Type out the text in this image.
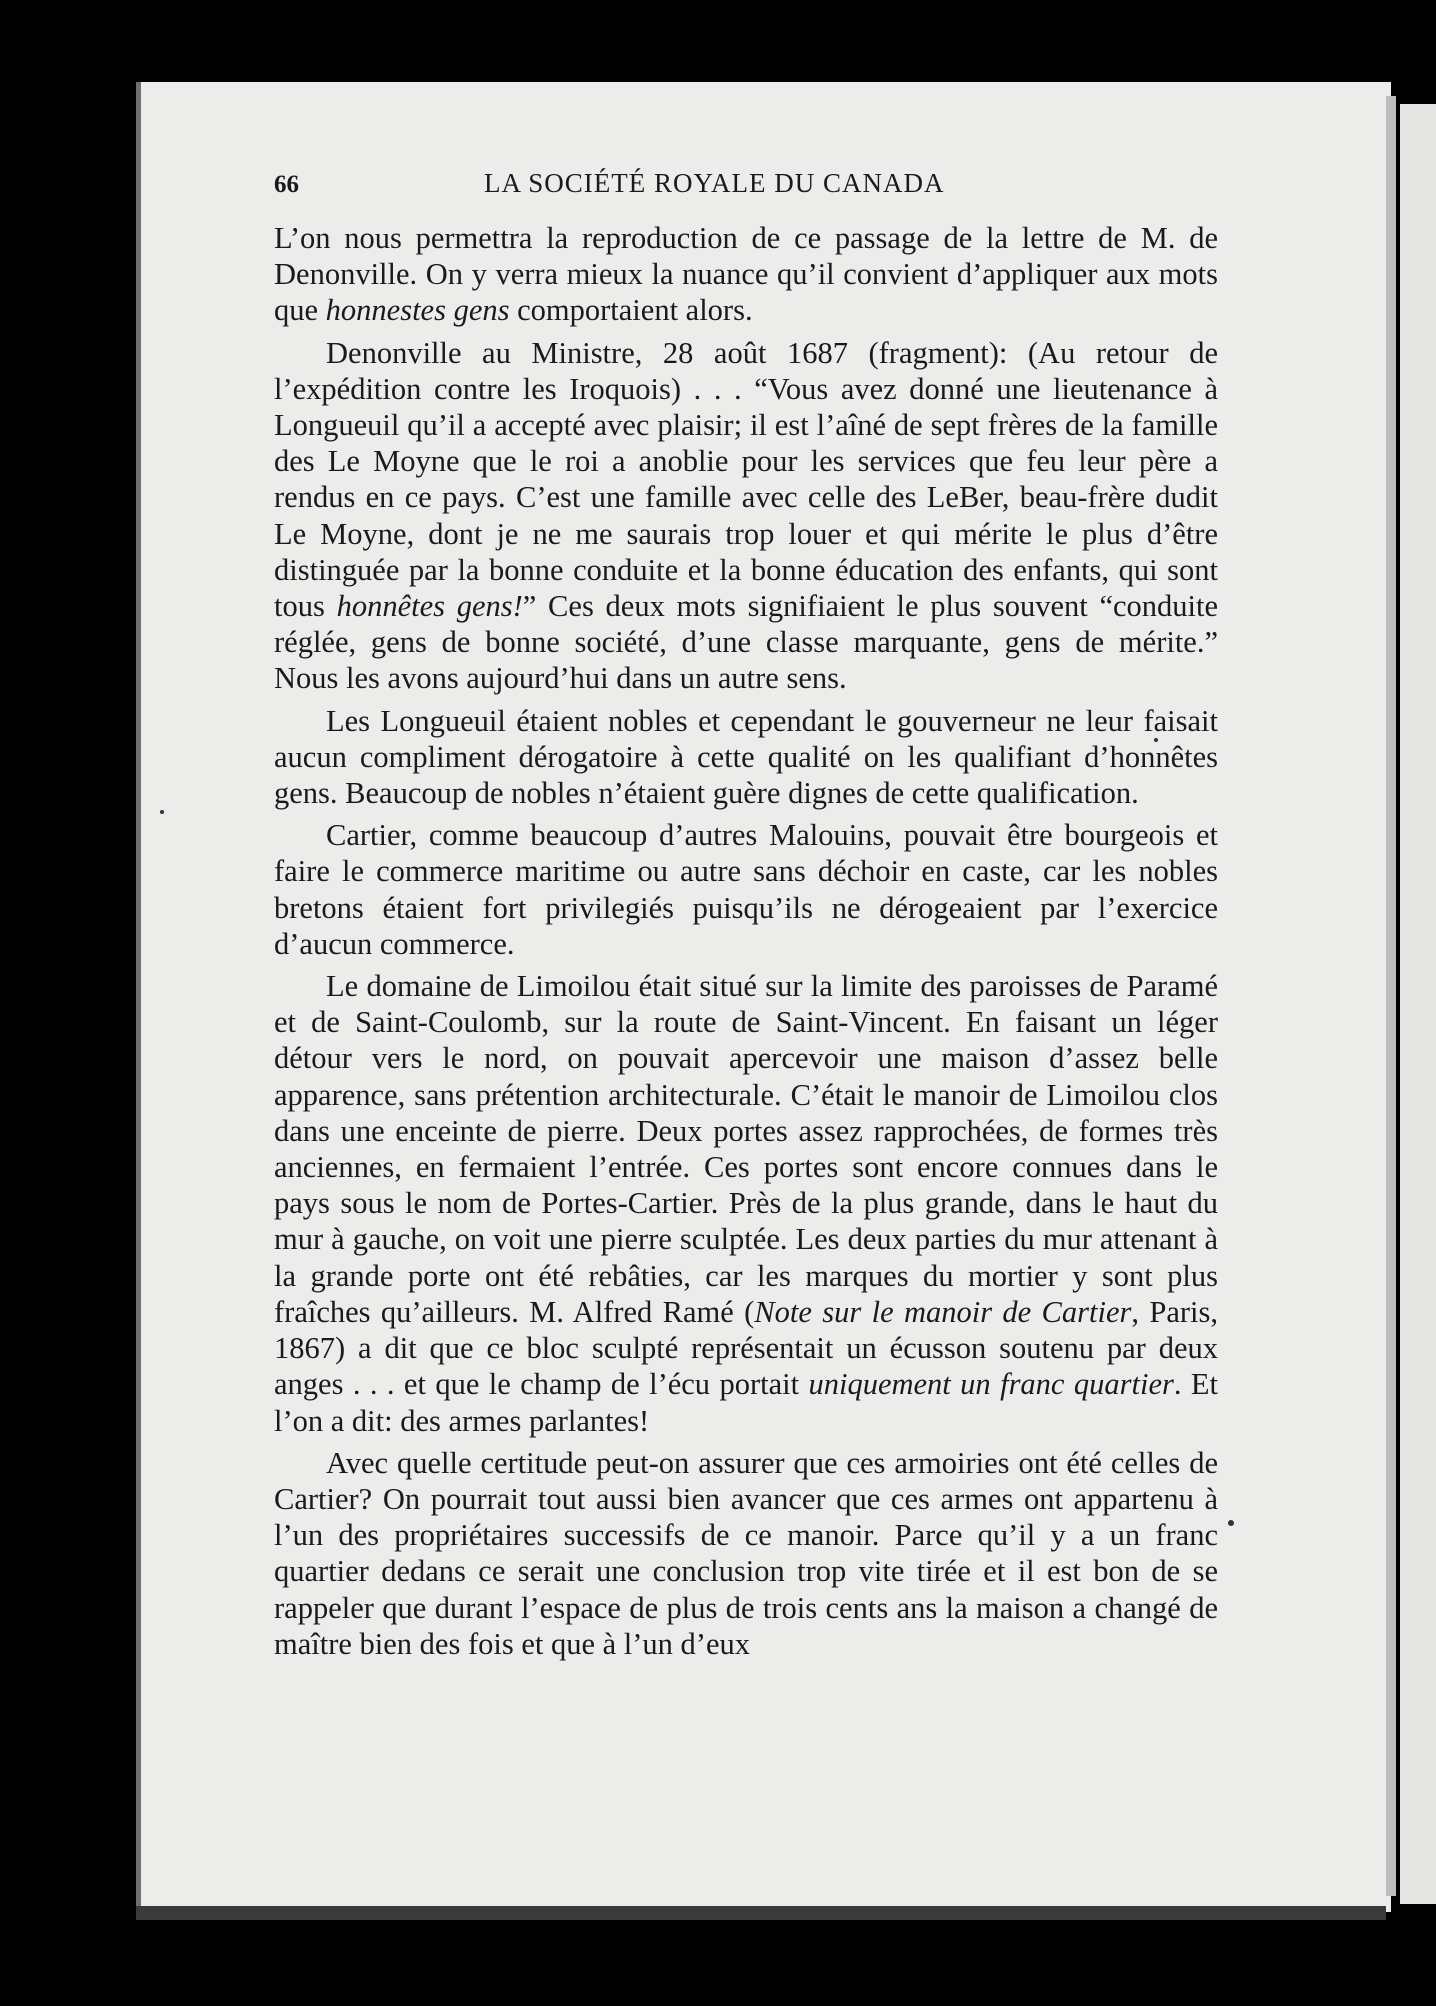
66	LA SOCIÉTÉ ROYALE DU CANADA

L’on nous permettra la reproduction de ce passage de la lettre de M. de Denonville. On y verra mieux la nuance qu’il convient d’appliquer aux mots que honnestes gens comportaient alors.

Denonville au Ministre, 28 août 1687 (fragment): (Au retour de l’expédition contre les Iroquois) . . . “Vous avez donné une lieutenance à Longueuil qu’il a accepté avec plaisir; il est l’aîné de sept frères de la famille des Le Moyne que le roi a anoblie pour les services que feu leur père a rendus en ce pays. C’est une famille avec celle des LeBer, beau-frère dudit Le Moyne, dont je ne me saurais trop louer et qui mérite le plus d’être distinguée par la bonne conduite et la bonne éducation des enfants, qui sont tous honnêtes gens!” Ces deux mots signifiaient le plus souvent “conduite réglée, gens de bonne société, d’une classe marquante, gens de mérite.” Nous les avons aujourd’hui dans un autre sens.

Les Longueuil étaient nobles et cependant le gouverneur ne leur faisait aucun compliment dérogatoire à cette qualité on les qualifiant d’honnêtes gens. Beaucoup de nobles n’étaient guère dignes de cette qualification.

Cartier, comme beaucoup d’autres Malouins, pouvait être bourgeois et faire le commerce maritime ou autre sans déchoir en caste, car les nobles bretons étaient fort privilegiés puisqu’ils ne dérogeaient par l’exercice d’aucun commerce.

Le domaine de Limoilou était situé sur la limite des paroisses de Paramé et de Saint-Coulomb, sur la route de Saint-Vincent. En faisant un léger détour vers le nord, on pouvait apercevoir une maison d’assez belle apparence, sans prétention architecturale. C’était le manoir de Limoilou clos dans une enceinte de pierre. Deux portes assez rapprochées, de formes très anciennes, en fermaient l’entrée. Ces portes sont encore connues dans le pays sous le nom de Portes-Cartier. Près de la plus grande, dans le haut du mur à gauche, on voit une pierre sculptée. Les deux parties du mur attenant à la grande porte ont été rebâties, car les marques du mortier y sont plus fraîches qu’ailleurs. M. Alfred Ramé (Note sur le manoir de Cartier, Paris, 1867) a dit que ce bloc sculpté représentait un écusson soutenu par deux anges . . . et que le champ de l’écu portait uniquement un franc quartier. Et l’on a dit: des armes parlantes!

Avec quelle certitude peut-on assurer que ces armoiries ont été celles de Cartier? On pourrait tout aussi bien avancer que ces armes ont appartenu à l’un des propriétaires successifs de ce manoir. Parce qu’il y a un franc quartier dedans ce serait une conclusion trop vite tirée et il est bon de se rappeler que durant l’espace de plus de trois cents ans la maison a changé de maître bien des fois et que à l’un d’eux
